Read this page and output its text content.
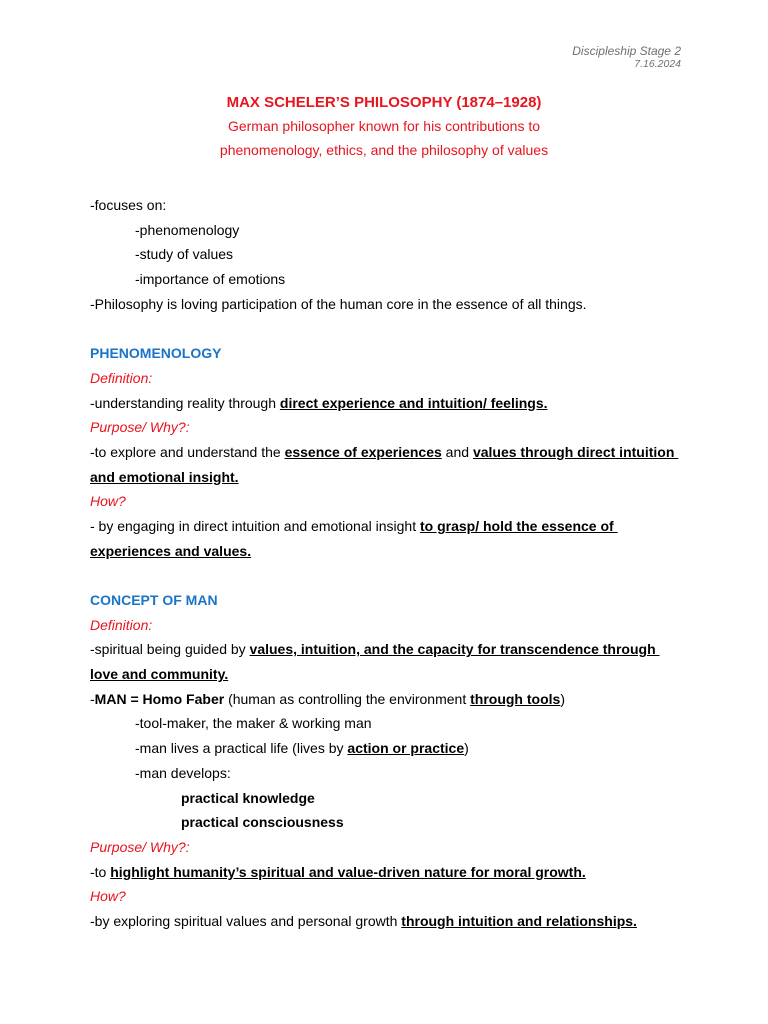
Discipleship Stage 2
7.16.2024
MAX SCHELER’S PHILOSOPHY (1874–1928)
German philosopher known for his contributions to
phenomenology, ethics, and the philosophy of values
-focuses on:
-phenomenology
-study of values
-importance of emotions
-Philosophy is loving participation of the human core in the essence of all things.
PHENOMENOLOGY
Definition:
-understanding reality through direct experience and intuition/ feelings.
Purpose/ Why?:
-to explore and understand the essence of experiences and values through direct intuition
and emotional insight.
How?
- by engaging in direct intuition and emotional insight to grasp/ hold the essence of
experiences and values.
CONCEPT OF MAN
Definition:
-spiritual being guided by values, intuition, and the capacity for transcendence through
love and community.
-MAN = Homo Faber (human as controlling the environment through tools)
-tool-maker, the maker & working man
-man lives a practical life (lives by action or practice)
-man develops:
practical knowledge
practical consciousness
Purpose/ Why?:
-to highlight humanity’s spiritual and value-driven nature for moral growth.
How?
-by exploring spiritual values and personal growth through intuition and relationships.
